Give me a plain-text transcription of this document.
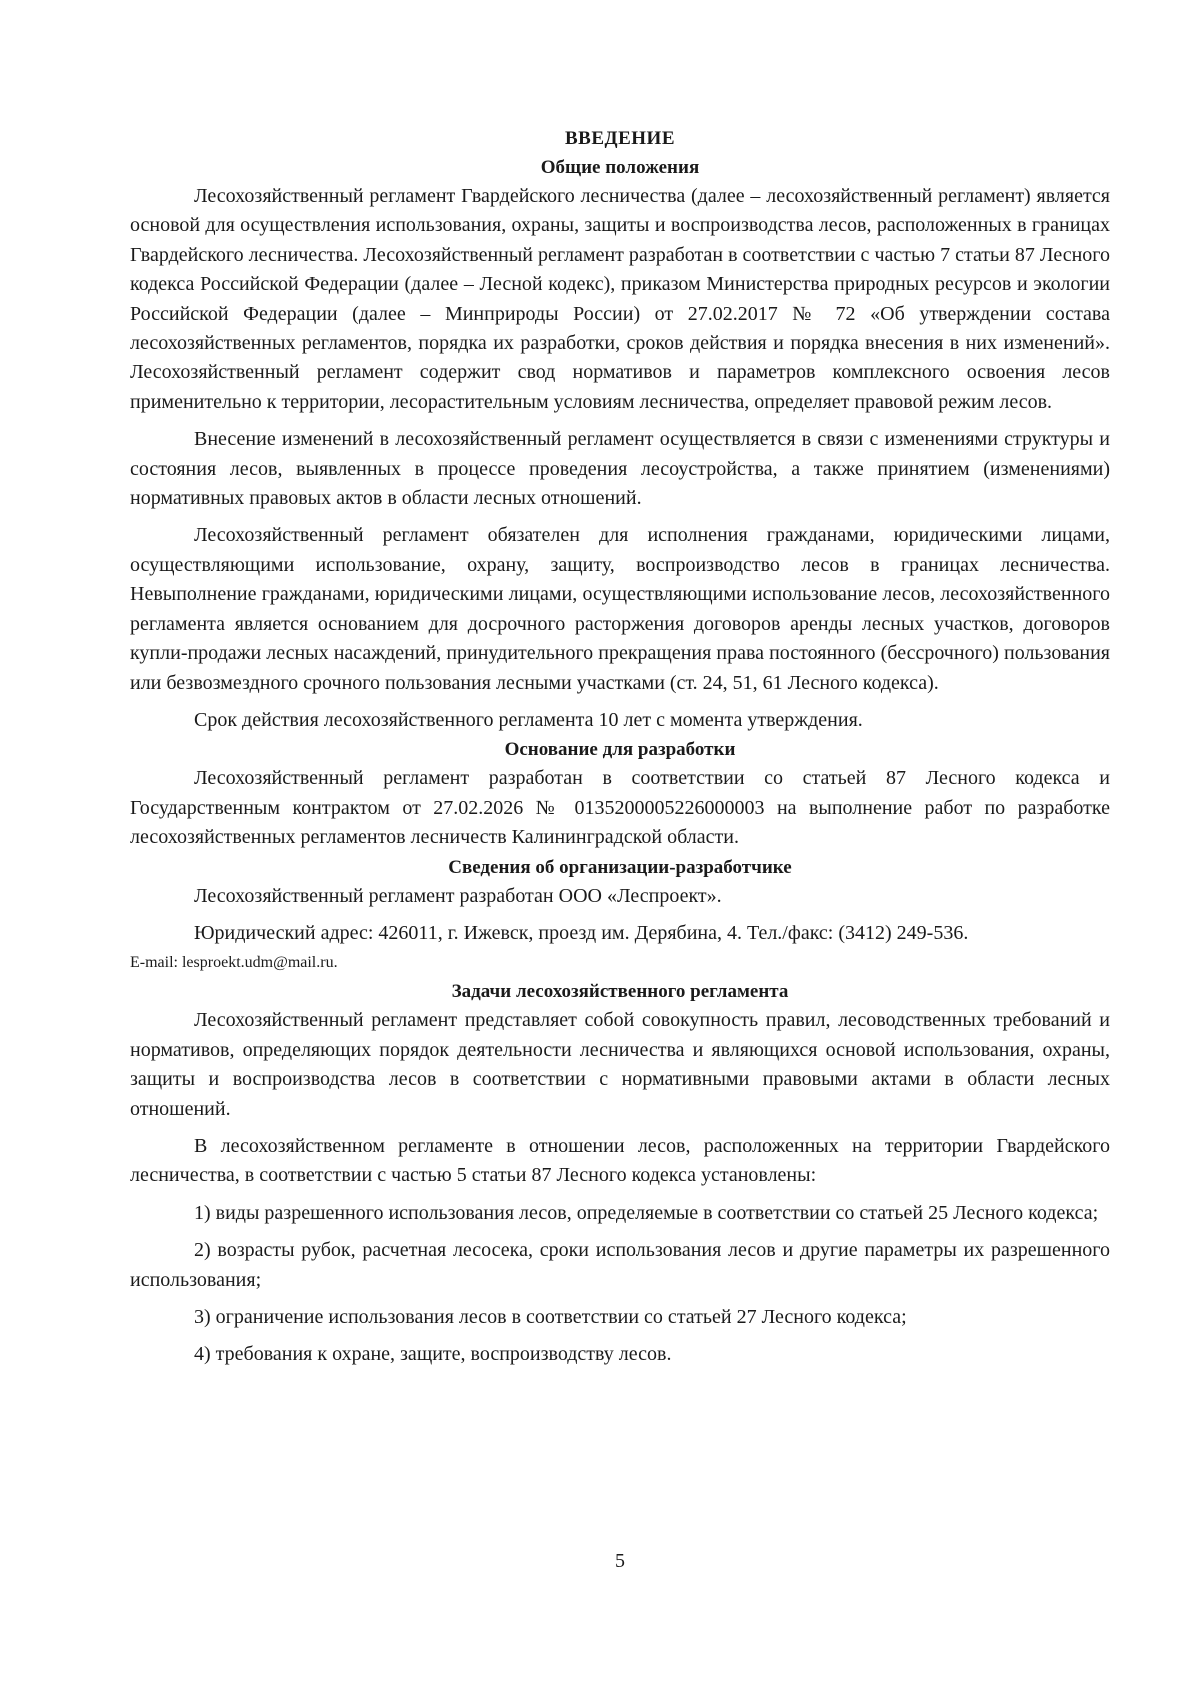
ВВЕДЕНИЕ
Общие положения

Лесохозяйственный регламент Гвардейского лесничества (далее – лесохозяйственный регламент) является основой для осуществления использования, охраны, защиты и воспроизводства лесов, расположенных в границах Гвардейского лесничества. Лесохозяйственный регламент разработан в соответствии с частью 7 статьи 87 Лесного кодекса Российской Федерации (далее – Лесной кодекс), приказом Министерства природных ресурсов и экологии Российской Федерации (далее – Минприроды России) от 27.02.2017 № 72 «Об утверждении состава лесохозяйственных регламентов, порядка их разработки, сроков действия и порядка внесения в них изменений». Лесохозяйственный регламент содержит свод нормативов и параметров комплексного освоения лесов применительно к территории, лесорастительным условиям лесничества, определяет правовой режим лесов.

Внесение изменений в лесохозяйственный регламент осуществляется в связи с изменениями структуры и состояния лесов, выявленных в процессе проведения лесоустройства, а также принятием (изменениями) нормативных правовых актов в области лесных отношений.

Лесохозяйственный регламент обязателен для исполнения гражданами, юридическими лицами, осуществляющими использование, охрану, защиту, воспроизводство лесов в границах лесничества. Невыполнение гражданами, юридическими лицами, осуществляющими использование лесов, лесохозяйственного регламента является основанием для досрочного расторжения договоров аренды лесных участков, договоров купли-продажи лесных насаждений, принудительного прекращения права постоянного (бессрочного) пользования или безвозмездного срочного пользования лесными участками (ст. 24, 51, 61 Лесного кодекса).

Срок действия лесохозяйственного регламента 10 лет с момента утверждения.

Основание для разработки

Лесохозяйственный регламент разработан в соответствии со статьей 87 Лесного кодекса и Государственным контрактом от 27.02.2026 № 0135200005226000003 на выполнение работ по разработке лесохозяйственных регламентов лесничеств Калининградской области.

Сведения об организации-разработчике

Лесохозяйственный регламент разработан ООО «Леспроект».

Юридический адрес: 426011, г. Ижевск, проезд им. Дерябина, 4. Тел./факс: (3412) 249-536.

E-mail: lesproekt.udm@mail.ru.
Задачи лесохозяйственного регламента

Лесохозяйственный регламент представляет собой совокупность правил, лесоводственных требований и нормативов, определяющих порядок деятельности лесничества и являющихся основой использования, охраны, защиты и воспроизводства лесов в соответствии с нормативными правовыми актами в области лесных отношений.

В лесохозяйственном регламенте в отношении лесов, расположенных на территории Гвардейского лесничества, в соответствии с частью 5 статьи 87 Лесного кодекса установлены:

1) виды разрешенного использования лесов, определяемые в соответствии со статьей 25 Лесного кодекса;

2) возрасты рубок, расчетная лесосека, сроки использования лесов и другие параметры их разрешенного использования;

3) ограничение использования лесов в соответствии со статьей 27 Лесного кодекса;

4) требования к охране, защите, воспроизводству лесов.

5
